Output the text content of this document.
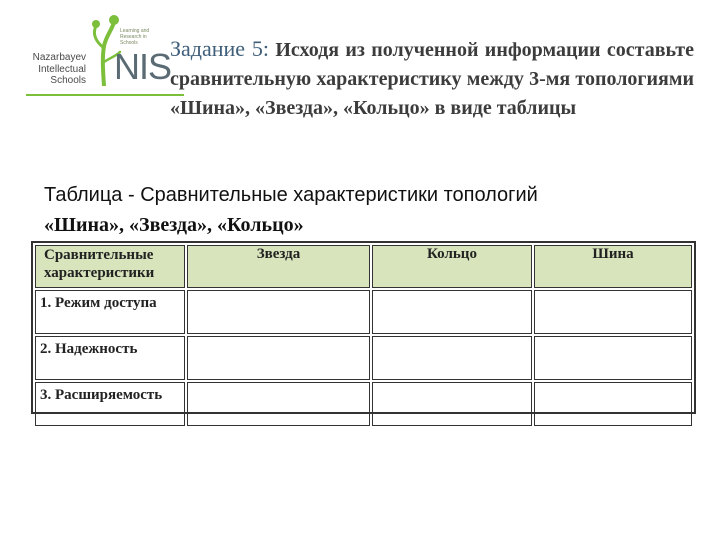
Learning and Research in Schools
Nazarbayev
Intellectual
Schools NIS
Задание 5: Исходя из полученной информации составьте сравнительную характеристику между 3-мя топологиями «Шина», «Звезда», «Кольцо» в виде таблицы
Таблица - Сравнительные характеристики топологий
«Шина», «Звезда», «Кольцо»
Сравнительные характеристики	Звезда	Кольцо	Шина
1. Режим доступа			
2. Надежность			
3. Расширяемость			
